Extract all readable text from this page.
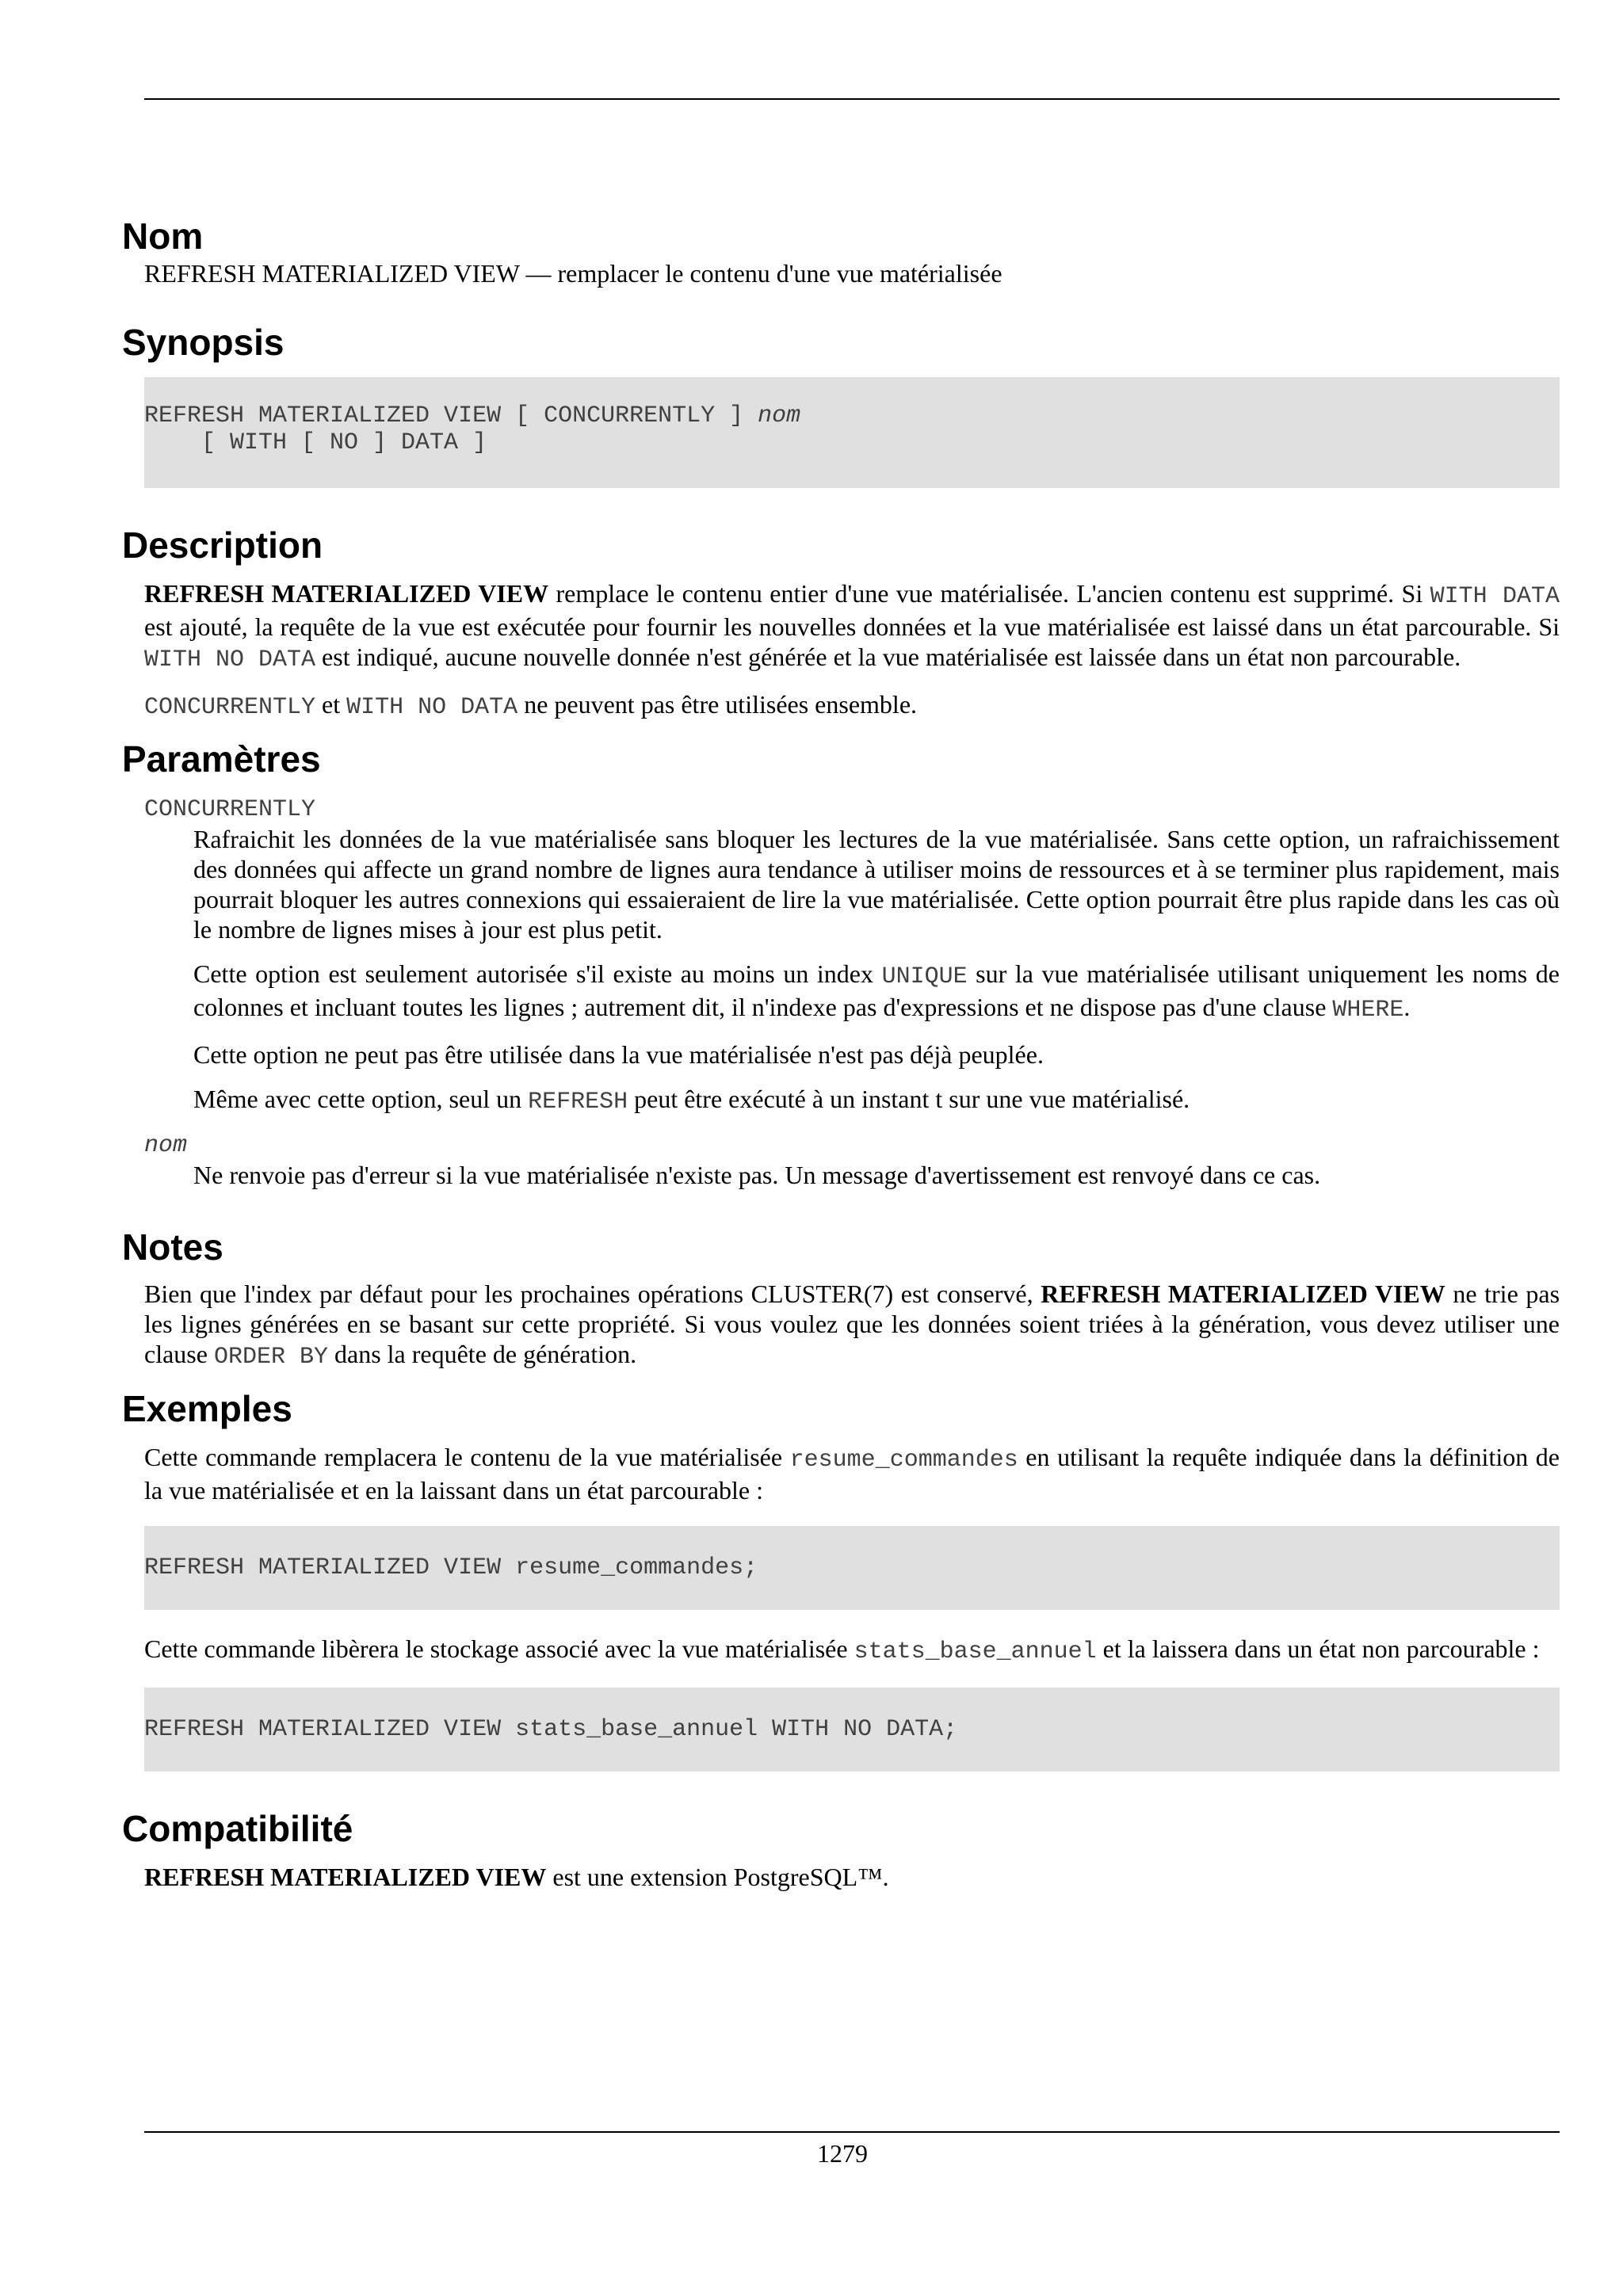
Nom

REFRESH MATERIALIZED VIEW — remplacer le contenu d'une vue matérialisée

Synopsis
REFRESH MATERIALIZED VIEW [ CONCURRENTLY ] nom
[ WITH [ NO ] DATA ]
Description

REFRESH MATERIALIZED VIEW remplace le contenu entier d'une vue matérialisée. L'ancien contenu est supprimé. Si WITH DATA est ajouté, la requête de la vue est exécutée pour fournir les nouvelles données et la vue matérialisée est laissé dans un état parcourable. Si WITH NO DATA est indiqué, aucune nouvelle donnée n'est générée et la vue matérialisée est laissée dans un état non parcourable.

CONCURRENTLY et WITH NO DATA ne peuvent pas être utilisées ensemble.

Paramètres
CONCURRENTLY

Rafraichit les données de la vue matérialisée sans bloquer les lectures de la vue matérialisée. Sans cette option, un rafraichissement des données qui affecte un grand nombre de lignes aura tendance à utiliser moins de ressources et à se terminer plus rapidement, mais pourrait bloquer les autres connexions qui essaieraient de lire la vue matérialisée. Cette option pourrait être plus rapide dans les cas où le nombre de lignes mises à jour est plus petit.

Cette option est seulement autorisée s'il existe au moins un index UNIQUE sur la vue matérialisée utilisant uniquement les noms de colonnes et incluant toutes les lignes ; autrement dit, il n'indexe pas d'expressions et ne dispose pas d'une clause WHERE.

Cette option ne peut pas être utilisée dans la vue matérialisée n'est pas déjà peuplée.

Même avec cette option, seul un REFRESH peut être exécuté à un instant t sur une vue matérialisé.

nom

Ne renvoie pas d'erreur si la vue matérialisée n'existe pas. Un message d'avertissement est renvoyé dans ce cas.

Notes

Bien que l'index par défaut pour les prochaines opérations CLUSTER(7) est conservé, REFRESH MATERIALIZED VIEW ne trie pas les lignes générées en se basant sur cette propriété. Si vous voulez que les données soient triées à la génération, vous devez utiliser une clause ORDER BY dans la requête de génération.

Exemples

Cette commande remplacera le contenu de la vue matérialisée resume_commandes en utilisant la requête indiquée dans la définition de la vue matérialisée et en la laissant dans un état parcourable :

REFRESH MATERIALIZED VIEW resume_commandes;

Cette commande libèrera le stockage associé avec la vue matérialisée stats_base_annuel et la laissera dans un état non parcourable :

REFRESH MATERIALIZED VIEW stats_base_annuel WITH NO DATA;
Compatibilité

REFRESH MATERIALIZED VIEW est une extension PostgreSQL™.

1279
